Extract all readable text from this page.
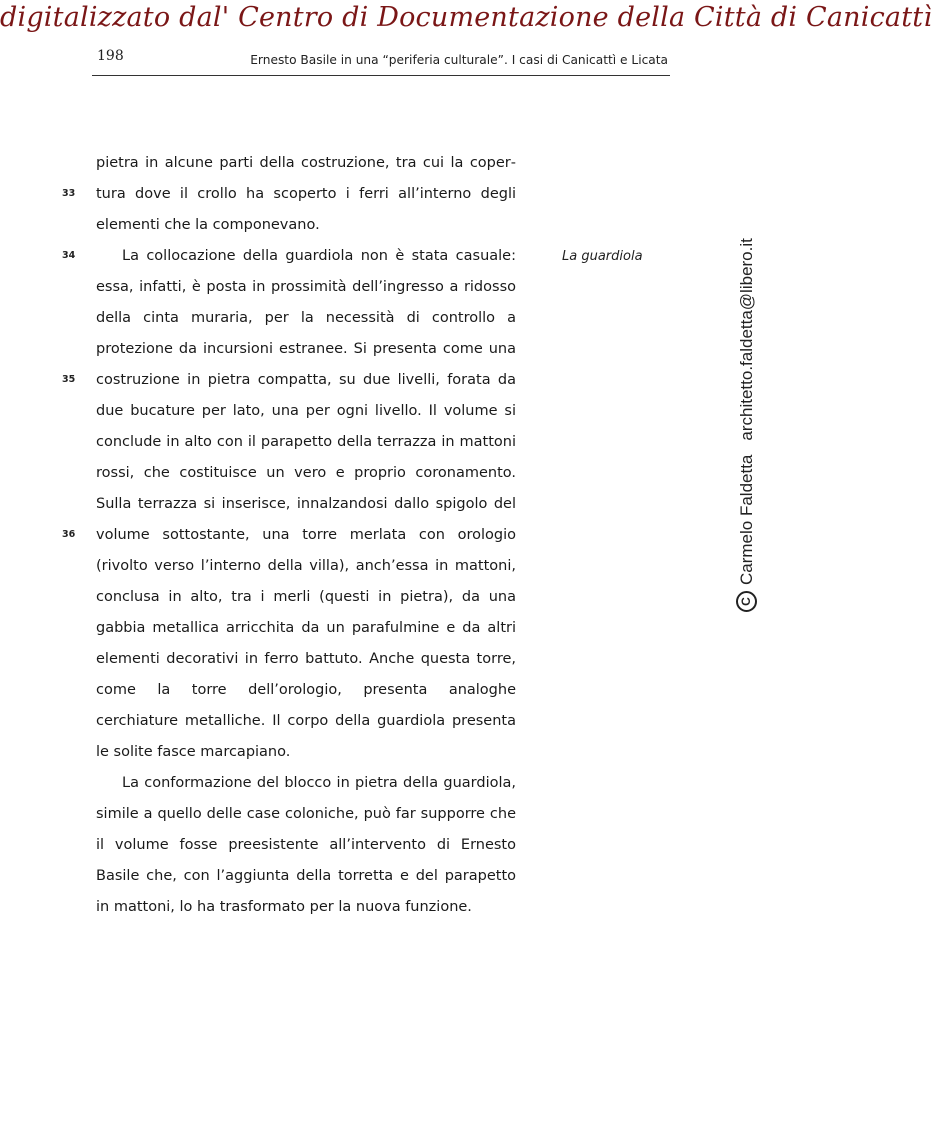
digitalizzato dal' Centro di Documentazione della Città di Canicattì
198	Ernesto Basile in una “periferia culturale”. I casi di Canicattì e Licata
33
34
35
36
La guardiola

pietra in alcune parti della costruzione, tra cui la copertura dove il crollo ha scoperto i ferri all’interno degli elementi che la componevano.

La collocazione della guardiola non è stata casuale: essa, infatti, è posta in prossimità dell’ingresso a ridosso della cinta muraria, per la necessità di controllo a protezione da incursioni estranee. Si presenta come una costruzione in pietra compatta, su due livelli, forata da due bucature per lato, una per ogni livello. Il volume si conclude in alto con il parapetto della terrazza in mattoni rossi, che costituisce un vero e proprio coronamento. Sulla terrazza si inserisce, innalzandosi dallo spigolo del volume sottostante, una torre merlata con orologio (rivolto verso l’interno della villa), anch’essa in mattoni, conclusa in alto, tra i merli (questi in pietra), da una gabbia metallica arricchita da un parafulmine e da altri elementi decorativi in ferro battuto. Anche questa torre, come la torre dell’orologio, presenta analoghe cerchiature metalliche. Il corpo della guardiola presenta le solite fasce marcapiano.

La conformazione del blocco in pietra della guardiola, simile a quello delle case coloniche, può far supporre che il volume fosse preesistente all’intervento di Ernesto Basile che, con l’aggiunta della torretta e del parapetto in mattoni, lo ha trasformato per la nuova funzione.

C
Carmelo Faldetta
architetto.faldetta@libero.it
